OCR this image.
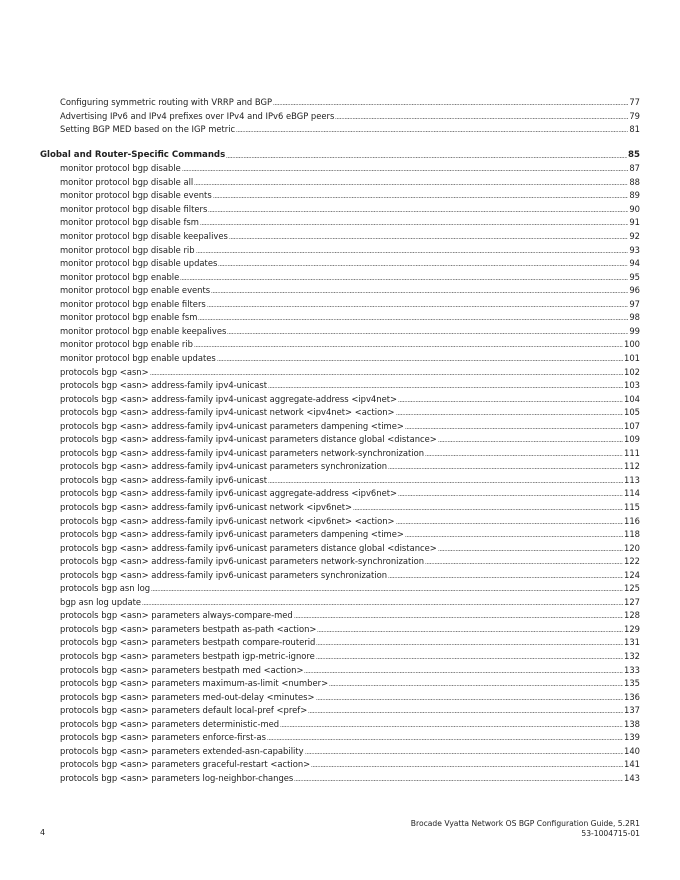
Configuring symmetric routing with VRRP and BGP	77
Advertising IPv6 and IPv4 prefixes over IPv4 and IPv6 eBGP peers	79
Setting BGP MED based on the IGP metric	81
Global and Router-Specific Commands	85
monitor protocol bgp disable	87
monitor protocol bgp disable all	88
monitor protocol bgp disable events	89
monitor protocol bgp disable filters	90
monitor protocol bgp disable fsm	91
monitor protocol bgp disable keepalives	92
monitor protocol bgp disable rib	93
monitor protocol bgp disable updates	94
monitor protocol bgp enable	95
monitor protocol bgp enable events	96
monitor protocol bgp enable filters	97
monitor protocol bgp enable fsm	98
monitor protocol bgp enable keepalives	99
monitor protocol bgp enable rib	100
monitor protocol bgp enable updates	101
protocols bgp <asn>	102
protocols bgp <asn> address-family ipv4-unicast	103
protocols bgp <asn> address-family ipv4-unicast aggregate-address <ipv4net>	104
protocols bgp <asn> address-family ipv4-unicast network <ipv4net> <action>	105
protocols bgp <asn> address-family ipv4-unicast parameters dampening <time>	107
protocols bgp <asn> address-family ipv4-unicast parameters distance global <distance>	109
protocols bgp <asn> address-family ipv4-unicast parameters network-synchronization	111
protocols bgp <asn> address-family ipv4-unicast parameters synchronization	112
protocols bgp <asn> address-family ipv6-unicast	113
protocols bgp <asn> address-family ipv6-unicast aggregate-address <ipv6net>	114
protocols bgp <asn> address-family ipv6-unicast network <ipv6net>	115
protocols bgp <asn> address-family ipv6-unicast network <ipv6net> <action>	116
protocols bgp <asn> address-family ipv6-unicast parameters dampening <time>	118
protocols bgp <asn> address-family ipv6-unicast parameters distance global <distance>	120
protocols bgp <asn> address-family ipv6-unicast parameters network-synchronization	122
protocols bgp <asn> address-family ipv6-unicast parameters synchronization	124
protocols bgp asn log	125
bgp asn log update	127
protocols bgp <asn> parameters always-compare-med	128
protocols bgp <asn> parameters bestpath as-path <action>	129
protocols bgp <asn> parameters bestpath compare-routerid	131
protocols bgp <asn> parameters bestpath igp-metric-ignore	132
protocols bgp <asn> parameters bestpath med <action>	133
protocols bgp <asn> parameters maximum-as-limit <number>	135
protocols bgp <asn> parameters med-out-delay <minutes>	136
protocols bgp <asn> parameters default local-pref <pref>	137
protocols bgp <asn> parameters deterministic-med	138
protocols bgp <asn> parameters enforce-first-as	139
protocols bgp <asn> parameters extended-asn-capability	140
protocols bgp <asn> parameters graceful-restart <action>	141
protocols bgp <asn> parameters log-neighbor-changes	143
4
Brocade Vyatta Network OS BGP Configuration Guide, 5.2R1
53-1004715-01
